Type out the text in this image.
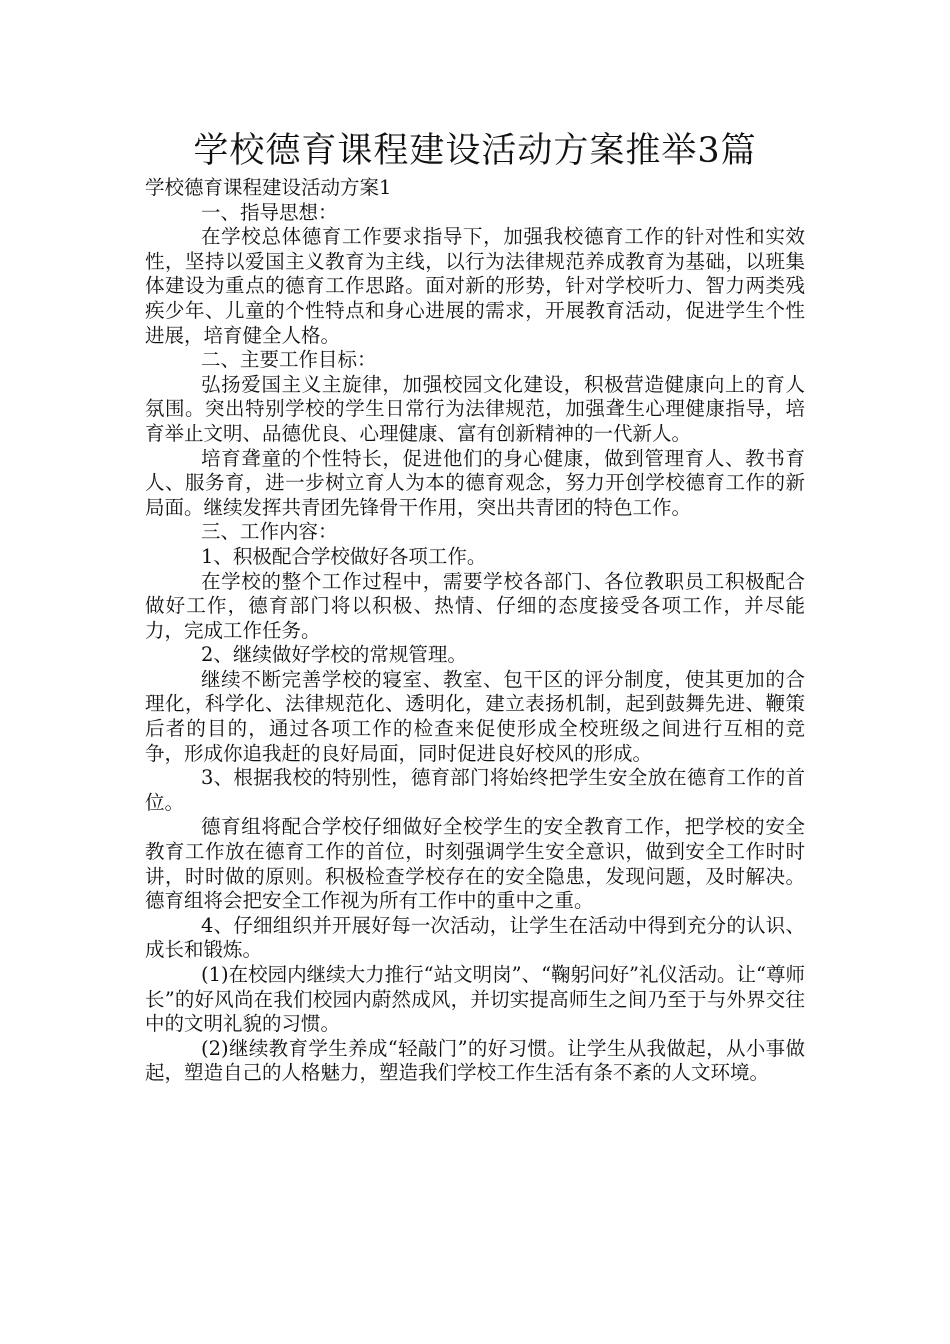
学校德育课程建设活动方案推举3篇

学校德育课程建设活动方案1

一、指导思想：

在学校总体德育工作要求指导下，加强我校德育工作的针对性和实效性，坚持以爱国主义教育为主线，以行为法律规范养成教育为基础，以班集体建设为重点的德育工作思路。面对新的形势，针对学校听力、智力两类残疾少年、儿童的个性特点和身心进展的需求，开展教育活动，促进学生个性进展，培育健全人格。

二、主要工作目标：

弘扬爱国主义主旋律，加强校园文化建设，积极营造健康向上的育人氛围。突出特别学校的学生日常行为法律规范，加强聋生心理健康指导，培育举止文明、品德优良、心理健康、富有创新精神的一代新人。

培育聋童的个性特长，促进他们的身心健康，做到管理育人、教书育人、服务育，进一步树立育人为本的德育观念，努力开创学校德育工作的新局面。继续发挥共青团先锋骨干作用，突出共青团的特色工作。

三、工作内容：

1、积极配合学校做好各项工作。

在学校的整个工作过程中，需要学校各部门、各位教职员工积极配合做好工作，德育部门将以积极、热情、仔细的态度接受各项工作，并尽能力，完成工作任务。

2、继续做好学校的常规管理。

继续不断完善学校的寝室、教室、包干区的评分制度，使其更加的合理化，科学化、法律规范化、透明化，建立表扬机制，起到鼓舞先进、鞭策后者的目的，通过各项工作的检查来促使形成全校班级之间进行互相的竞争，形成你追我赶的良好局面，同时促进良好校风的形成。

3、根据我校的特别性，德育部门将始终把学生安全放在德育工作的首位。

德育组将配合学校仔细做好全校学生的安全教育工作，把学校的安全教育工作放在德育工作的首位，时刻强调学生安全意识，做到安全工作时时讲，时时做的原则。积极检查学校存在的安全隐患，发现问题，及时解决。德育组将会把安全工作视为所有工作中的重中之重。

4、仔细组织并开展好每一次活动，让学生在活动中得到充分的认识、成长和锻炼。

(1)在校园内继续大力推行“站文明岗”、“鞠躬问好”礼仪活动。让“尊师长”的好风尚在我们校园内蔚然成风，并切实提高师生之间乃至于与外界交往中的文明礼貌的习惯。

(2)继续教育学生养成“轻敲门”的好习惯。让学生从我做起，从小事做起，塑造自己的人格魅力，塑造我们学校工作生活有条不紊的人文环境。
